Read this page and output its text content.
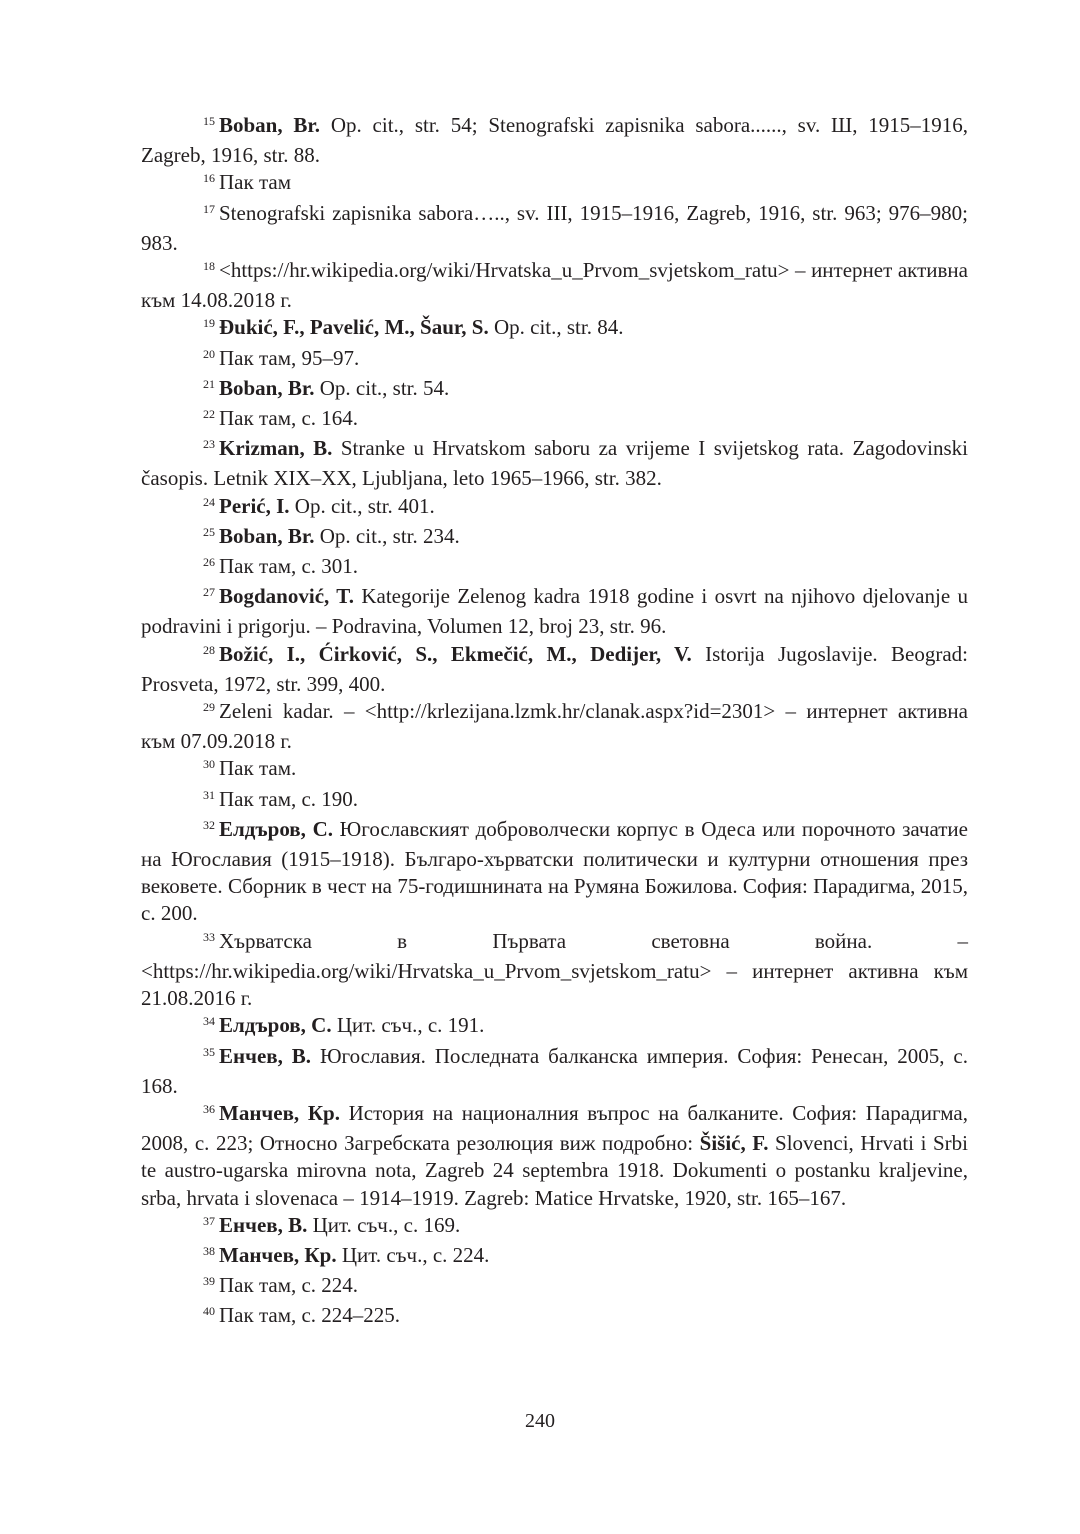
$^{15}$ Boban, Br. Op. cit., str. 54; Stenografski zapisnika sabora......, sv. Ш, 1915–1916, Zagreb, 1916, str. 88.

$^{16}$ Пак там

$^{17}$ Stenografski zapisnika sabora….., sv. III, 1915–1916, Zagreb, 1916, str. 963; 976–980; 983.

$^{18}$ <https://hr.wikipedia.org/wiki/Hrvatska_u_Prvom_svjetskom_ratu> – интернет активна към 14.08.2018 г.

$^{19}$ Đukić, F., Pavelić, M., Šaur, S. Op. cit., str. 84.

$^{20}$ Пак там, 95–97.

$^{21}$ Boban, Br. Op. cit., str. 54.

$^{22}$ Пак там, с. 164.

$^{23}$ Krizman, B. Stranke u Hrvatskom saboru za vrijeme I svijetskog rata. Zagodovinski časopis. Letnik XIX–XX, Ljubljana, leto 1965–1966, str. 382.

$^{24}$ Perić, I. Op. cit., str. 401.

$^{25}$ Boban, Br. Op. cit., str. 234.

$^{26}$ Пак там, с. 301.

$^{27}$ Bogdanović, T. Kategorije Zelenog kadra 1918 godine i osvrt na njihovo djelovanje u podravini i prigorju. – Podravina, Volumen 12, broj 23, str. 96.

$^{28}$ Božić, I., Ćirković, S., Ekmečić, M., Dedijer, V. Istorija Jugoslavije. Beograd: Prosveta, 1972, str. 399, 400.

$^{29}$ Zeleni kadar. – <http://krlezijana.lzmk.hr/clanak.aspx?id=2301> – интернет активна към 07.09.2018 г.

$^{30}$ Пак там.

$^{31}$ Пак там, с. 190.

$^{32}$ Елдъров, С. Югославският доброволчески корпус в Одеса или порочното зачатие на Югославия (1915–1918). Българо-хърватски политически и културни отношения през вековете. Сборник в чест на 75-годишнината на Румяна Божилова. София: Парадигма, 2015, с. 200.

$^{33}$ Хърватска в Първата световна война. – <https://hr.wikipedia.org/wiki/Hrvatska_u_Prvom_svjetskom_ratu> – интернет активна към 21.08.2016 г.

$^{34}$ Елдъров, С. Цит. съч., с. 191.

$^{35}$ Енчев, В. Югославия. Последната балканска империя. София: Ренесан, 2005, с. 168.

$^{36}$ Манчев, Кр. История на националния въпрос на балканите. София: Парадигма, 2008, с. 223; Относно Загребската резолюция виж подробно: Šišić, F. Slovenci, Hrvati i Srbi te austro-ugarska mirovna nota, Zagreb 24 septembra 1918. Dokumenti o postanku kraljevine, srba, hrvata i slovenaca – 1914–1919. Zagreb: Matice Hrvatske, 1920, str. 165–167.

$^{37}$ Енчев, В. Цит. съч., с. 169.

$^{38}$ Манчев, Кр. Цит. съч., с. 224.

$^{39}$ Пак там, с. 224.

$^{40}$ Пак там, с. 224–225.

240
